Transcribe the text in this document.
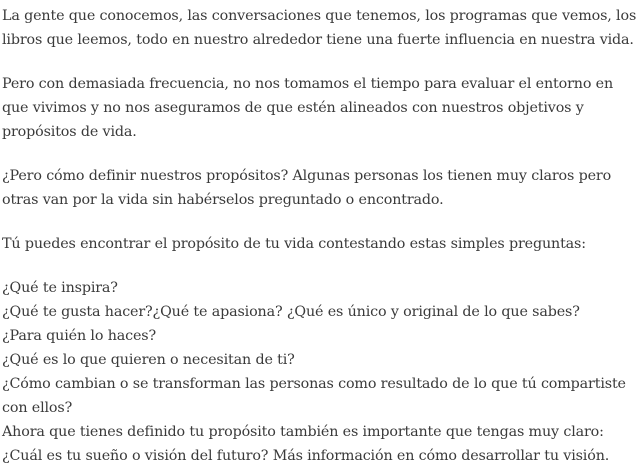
La gente que conocemos, las conversaciones que tenemos, los programas que vemos, los libros que leemos, todo en nuestro alrededor tiene una fuerte influencia en nuestra vida.

Pero con demasiada frecuencia, no nos tomamos el tiempo para evaluar el entorno en que vivimos y no nos aseguramos de que estén alineados con nuestros objetivos y propósitos de vida.

¿Pero cómo definir nuestros propósitos? Algunas personas los tienen muy claros pero otras van por la vida sin habérselos preguntado o encontrado.

Tú puedes encontrar el propósito de tu vida contestando estas simples preguntas:

¿Qué te inspira?
¿Qué te gusta hacer?¿Qué te apasiona? ¿Qué es único y original de lo que sabes?
¿Para quién lo haces?
¿Qué es lo que quieren o necesitan de ti?
¿Cómo cambian o se transforman las personas como resultado de lo que tú compartiste con ellos?

Ahora que tienes definido tu propósito también es importante que tengas muy claro: ¿Cuál es tu sueño o visión del futuro? Más información en cómo desarrollar tu visión.
